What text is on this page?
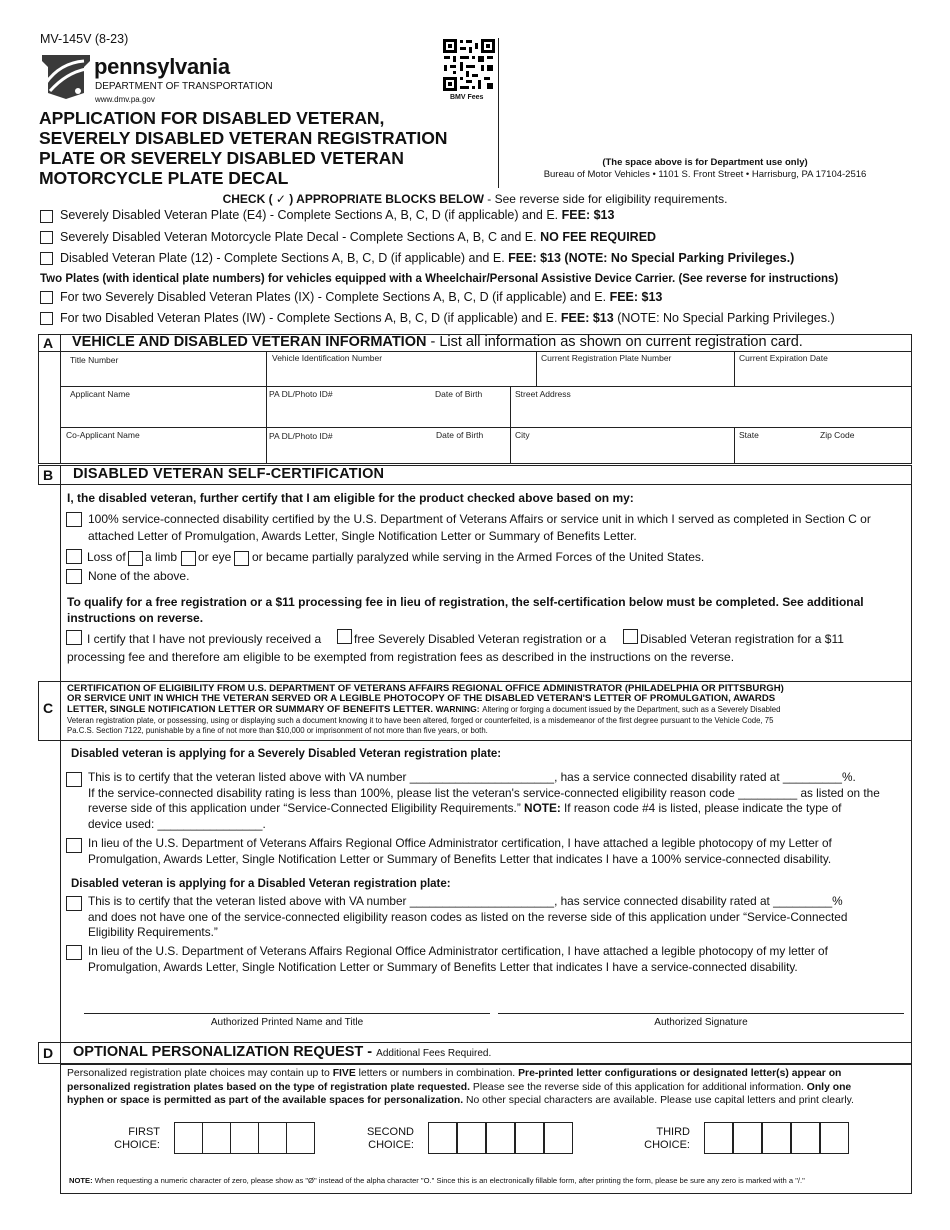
MV-145V (8-23)
pennsylvania
DEPARTMENT OF TRANSPORTATION
www.dmv.pa.gov	BMV Fees
APPLICATION FOR DISABLED VETERAN,
SEVERELY DISABLED VETERAN REGISTRATION
PLATE OR SEVERELY DISABLED VETERAN
MOTORCYCLE PLATE DECAL
(The space above is for Department use only)
Bureau of Motor Vehicles • 1101 S. Front Street • Harrisburg, PA 17104-2516
CHECK ( ✓ ) APPROPRIATE BLOCKS BELOW - See reverse side for eligibility requirements.
Severely Disabled Veteran Plate (E4) - Complete Sections A, B, C, D (if applicable) and E. FEE: $13
Severely Disabled Veteran Motorcycle Plate Decal - Complete Sections A, B, C and E. NO FEE REQUIRED
Disabled Veteran Plate (12) - Complete Sections A, B, C, D (if applicable) and E. FEE: $13 (NOTE: No Special Parking Privileges.)
Two Plates (with identical plate numbers) for vehicles equipped with a Wheelchair/Personal Assistive Device Carrier. (See reverse for instructions)
For two Severely Disabled Veteran Plates (IX) - Complete Sections A, B, C, D (if applicable) and E. FEE: $13
For two Disabled Veteran Plates (IW) - Complete Sections A, B, C, D (if applicable) and E. FEE: $13 (NOTE: No Special Parking Privileges.)
A	VEHICLE AND DISABLED VETERAN INFORMATION - List all information as shown on current registration card.
Title Number	Vehicle Identification Number	Current Registration Plate Number	Current Expiration Date
Applicant Name	PA DL/Photo ID#	Date of Birth	Street Address
Co-Applicant Name	PA DL/Photo ID#	Date of Birth	City	State	Zip Code
B	DISABLED VETERAN SELF-CERTIFICATION
I, the disabled veteran, further certify that I am eligible for the product checked above based on my:
100% service-connected disability certified by the U.S. Department of Veterans Affairs or service unit in which I served as completed in Section C or
attached Letter of Promulgation, Awards Letter, Single Notification Letter or Summary of Benefits Letter.
Loss of a limb or eye or became partially paralyzed while serving in the Armed Forces of the United States.
None of the above.
To qualify for a free registration or a $11 processing fee in lieu of registration, the self-certification below must be completed. See additional
instructions on reverse.
I certify that I have not previously received a	free Severely Disabled Veteran registration or a	Disabled Veteran registration for a $11
processing fee and therefore am eligible to be exempted from registration fees as described in the instructions on the reverse.
C
CERTIFICATION OF ELIGIBILITY FROM U.S. DEPARTMENT OF VETERANS AFFAIRS REGIONAL OFFICE ADMINISTRATOR (PHILADELPHIA OR PITTSBURGH)
OR SERVICE UNIT IN WHICH THE VETERAN SERVED OR A LEGIBLE PHOTOCOPY OF THE DISABLED VETERAN'S LETTER OF PROMULGATION, AWARDS
LETTER, SINGLE NOTIFICATION LETTER OR SUMMARY OF BENEFITS LETTER. WARNING: Altering or forging a document issued by the Department, such as a Severely Disabled
Veteran registration plate, or possessing, using or displaying such a document knowing it to have been altered, forged or counterfeited, is a misdemeanor of the first degree pursuant to the Vehicle Code, 75
Pa.C.S. Section 7122, punishable by a fine of not more than $10,000 or imprisonment of not more than five years, or both.
Disabled veteran is applying for a Severely Disabled Veteran registration plate:
This is to certify that the veteran listed above with VA number ______________________, has a service connected disability rated at _________%.
If the service-connected disability rating is less than 100%, please list the veteran's service-connected eligibility reason code _________ as listed on the
reverse side of this application under “Service-Connected Eligibility Requirements.” NOTE: If reason code #4 is listed, please indicate the type of
device used: ________________.
In lieu of the U.S. Department of Veterans Affairs Regional Office Administrator certification, I have attached a legible photocopy of my Letter of
Promulgation, Awards Letter, Single Notification Letter or Summary of Benefits Letter that indicates I have a 100% service-connected disability.
Disabled veteran is applying for a Disabled Veteran registration plate:
This is to certify that the veteran listed above with VA number ______________________, has service connected disability rated at _________%
and does not have one of the service-connected eligibility reason codes as listed on the reverse side of this application under “Service-Connected
Eligibility Requirements.”
In lieu of the U.S. Department of Veterans Affairs Regional Office Administrator certification, I have attached a legible photocopy of my letter of
Promulgation, Awards Letter, Single Notification Letter or Summary of Benefits Letter that indicates I have a service-connected disability.
Authorized Printed Name and Title	Authorized Signature
D	OPTIONAL PERSONALIZATION REQUEST - Additional Fees Required.
Personalized registration plate choices may contain up to FIVE letters or numbers in combination. Pre-printed letter configurations or designated letter(s) appear on
personalized registration plates based on the type of registration plate requested. Please see the reverse side of this application for additional information. Only one
hyphen or space is permitted as part of the available spaces for personalization. No other special characters are available. Please use capital letters and print clearly.
FIRST
CHOICE:
SECOND
CHOICE:
THIRD
CHOICE:
NOTE: When requesting a numeric character of zero, please show as "Ø" instead of the alpha character "O." Since this is an electronically fillable form, after printing the form, please be sure any zero is marked with a "/."
